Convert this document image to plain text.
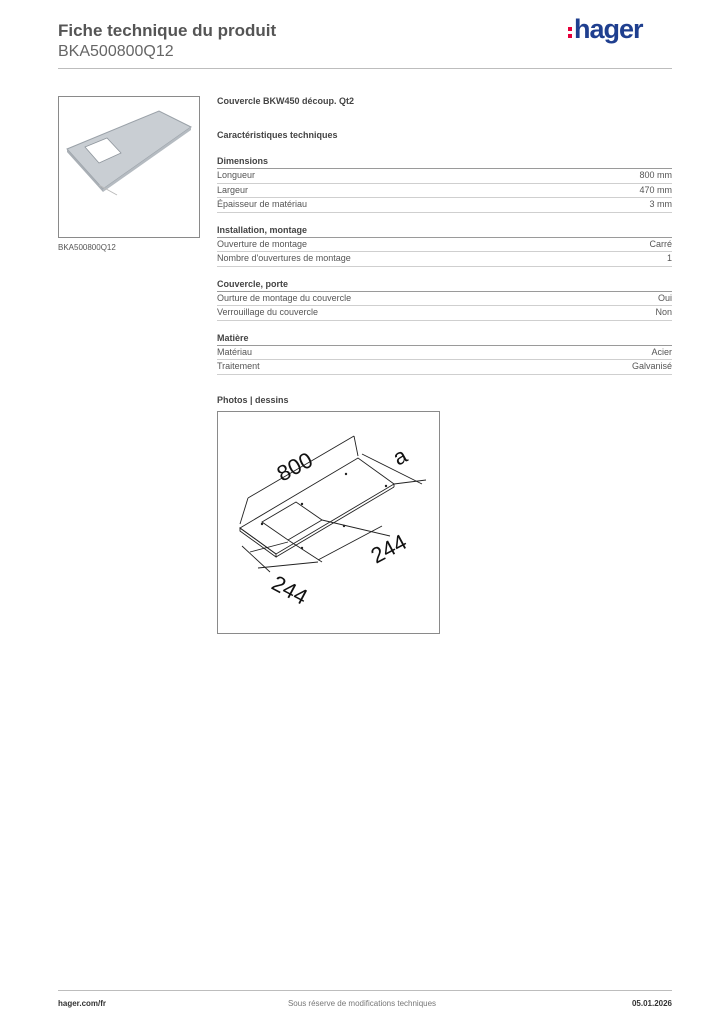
Fiche technique du produit
BKA500800Q12
hager
BKA500800Q12
Couvercle BKW450 découp. Qt2
Caractéristiques techniques
Dimensions
Longueur	800 mm
Largeur	470 mm
Épaisseur de matériau	3 mm
Installation, montage
Ouverture de montage	Carré
Nombre d'ouvertures de montage	1
Couvercle, porte
Ourture de montage du couvercle	Oui
Verrouillage du couvercle	Non
Matière
Matériau	Acier
Traitement	Galvanisé
Photos | dessins
800	a
244
244
hager.com/fr	Sous réserve de modifications techniques	05.01.2026
